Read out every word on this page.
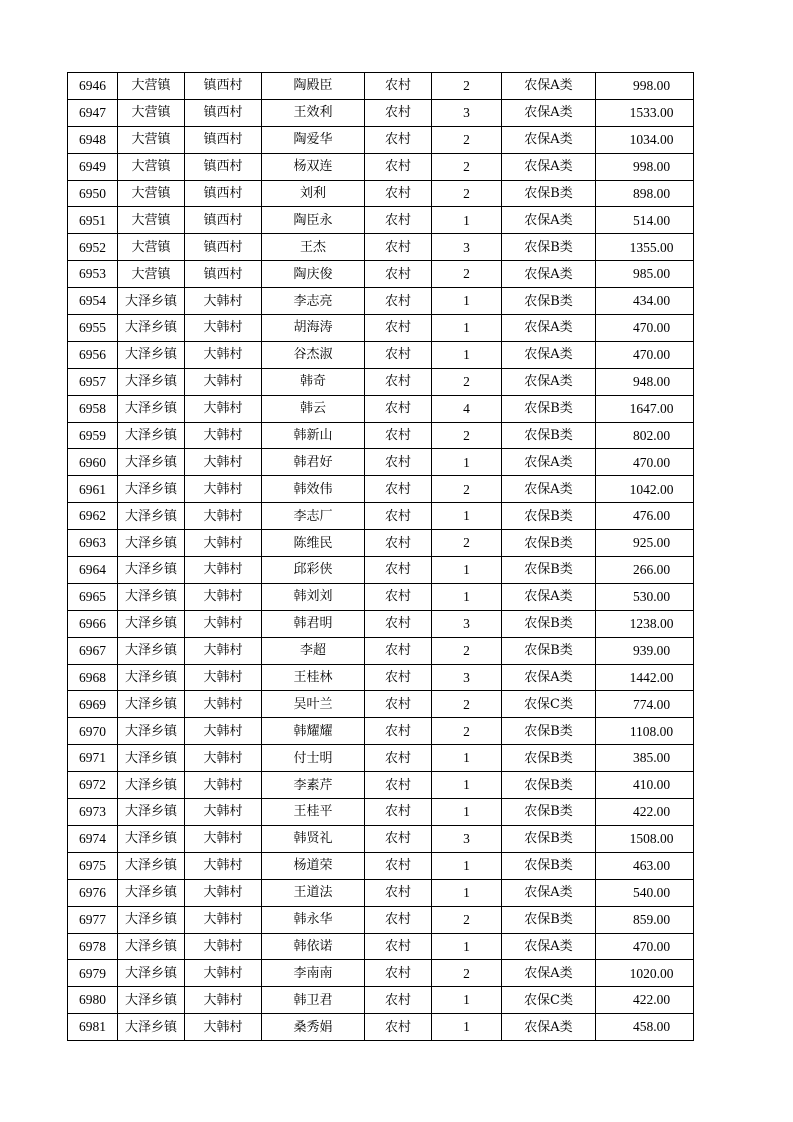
6946	大营镇	镇西村	陶殿臣	农村	2	农保A类	998.00
6947	大营镇	镇西村	王效利	农村	3	农保A类	1533.00
6948	大营镇	镇西村	陶爱华	农村	2	农保A类	1034.00
6949	大营镇	镇西村	杨双连	农村	2	农保A类	998.00
6950	大营镇	镇西村	刘利	农村	2	农保B类	898.00
6951	大营镇	镇西村	陶臣永	农村	1	农保A类	514.00
6952	大营镇	镇西村	王杰	农村	3	农保B类	1355.00
6953	大营镇	镇西村	陶庆俊	农村	2	农保A类	985.00
6954	大泽乡镇	大韩村	李志亮	农村	1	农保B类	434.00
6955	大泽乡镇	大韩村	胡海涛	农村	1	农保A类	470.00
6956	大泽乡镇	大韩村	谷杰淑	农村	1	农保A类	470.00
6957	大泽乡镇	大韩村	韩奇	农村	2	农保A类	948.00
6958	大泽乡镇	大韩村	韩云	农村	4	农保B类	1647.00
6959	大泽乡镇	大韩村	韩新山	农村	2	农保B类	802.00
6960	大泽乡镇	大韩村	韩君好	农村	1	农保A类	470.00
6961	大泽乡镇	大韩村	韩效伟	农村	2	农保A类	1042.00
6962	大泽乡镇	大韩村	李志厂	农村	1	农保B类	476.00
6963	大泽乡镇	大韩村	陈维民	农村	2	农保B类	925.00
6964	大泽乡镇	大韩村	邱彩侠	农村	1	农保B类	266.00
6965	大泽乡镇	大韩村	韩刘刘	农村	1	农保A类	530.00
6966	大泽乡镇	大韩村	韩君明	农村	3	农保B类	1238.00
6967	大泽乡镇	大韩村	李超	农村	2	农保B类	939.00
6968	大泽乡镇	大韩村	王桂林	农村	3	农保A类	1442.00
6969	大泽乡镇	大韩村	吴叶兰	农村	2	农保C类	774.00
6970	大泽乡镇	大韩村	韩耀耀	农村	2	农保B类	1108.00
6971	大泽乡镇	大韩村	付士明	农村	1	农保B类	385.00
6972	大泽乡镇	大韩村	李素芹	农村	1	农保B类	410.00
6973	大泽乡镇	大韩村	王桂平	农村	1	农保B类	422.00
6974	大泽乡镇	大韩村	韩贤礼	农村	3	农保B类	1508.00
6975	大泽乡镇	大韩村	杨道荣	农村	1	农保B类	463.00
6976	大泽乡镇	大韩村	王道法	农村	1	农保A类	540.00
6977	大泽乡镇	大韩村	韩永华	农村	2	农保B类	859.00
6978	大泽乡镇	大韩村	韩依诺	农村	1	农保A类	470.00
6979	大泽乡镇	大韩村	李南南	农村	2	农保A类	1020.00
6980	大泽乡镇	大韩村	韩卫君	农村	1	农保C类	422.00
6981	大泽乡镇	大韩村	桑秀娟	农村	1	农保A类	458.00
